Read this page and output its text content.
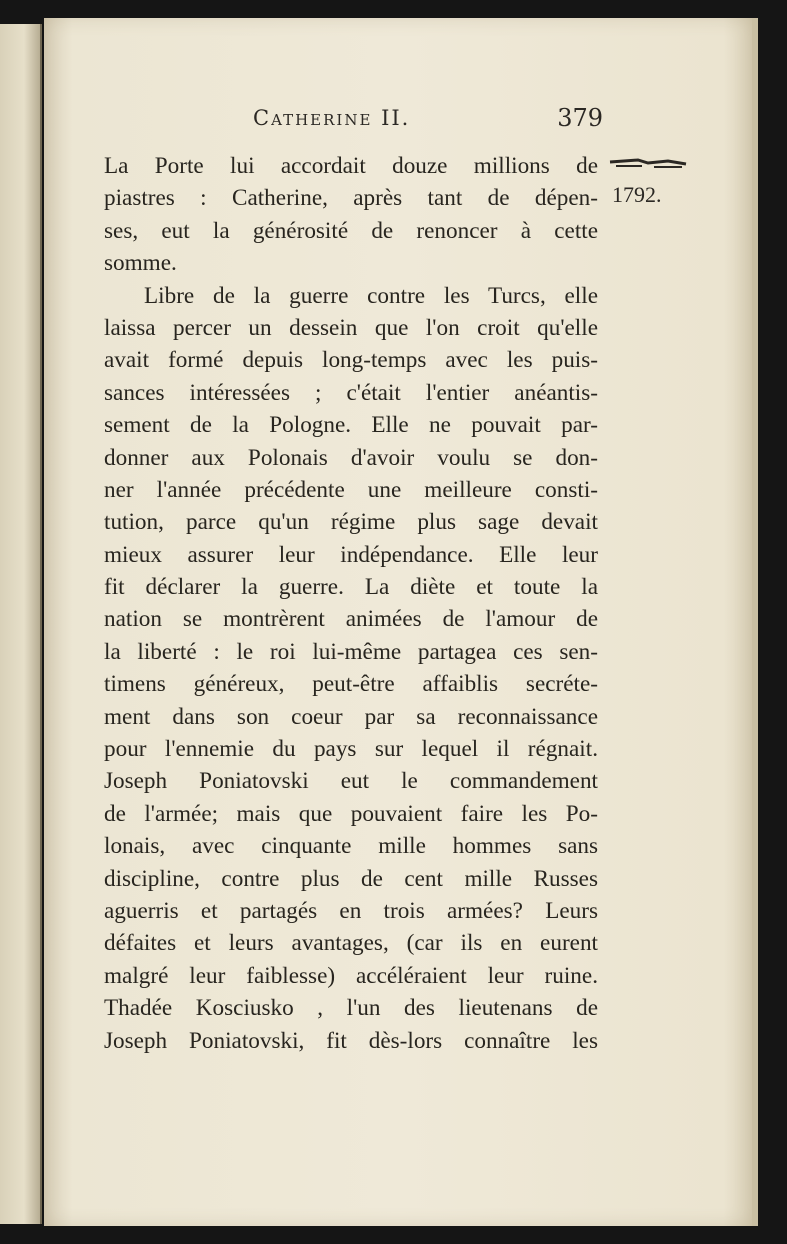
Catherine II.	379
1792.
La Porte lui accordait douze millions de
piastres : Catherine, après tant de dépen-
ses, eut la générosité de renoncer à cette
somme.
Libre de la guerre contre les Turcs, elle
laissa percer un dessein que l'on croit qu'elle
avait formé depuis long-temps avec les puis-
sances intéressées ; c'était l'entier anéantis-
sement de la Pologne. Elle ne pouvait par-
donner aux Polonais d'avoir voulu se don-
ner l'année précédente une meilleure consti-
tution, parce qu'un régime plus sage devait
mieux assurer leur indépendance. Elle leur
fit déclarer la guerre. La diète et toute la
nation se montrèrent animées de l'amour de
la liberté : le roi lui-même partagea ces sen-
timens généreux, peut-être affaiblis secréte-
ment dans son coeur par sa reconnaissance
pour l'ennemie du pays sur lequel il régnait.
Joseph Poniatovski eut le commandement
de l'armée; mais que pouvaient faire les Po-
lonais, avec cinquante mille hommes sans
discipline, contre plus de cent mille Russes
aguerris et partagés en trois armées? Leurs
défaites et leurs avantages, (car ils en eurent
malgré leur faiblesse) accéléraient leur ruine.
Thadée Kosciusko , l'un des lieutenans de
Joseph Poniatovski, fit dès-lors connaître les
